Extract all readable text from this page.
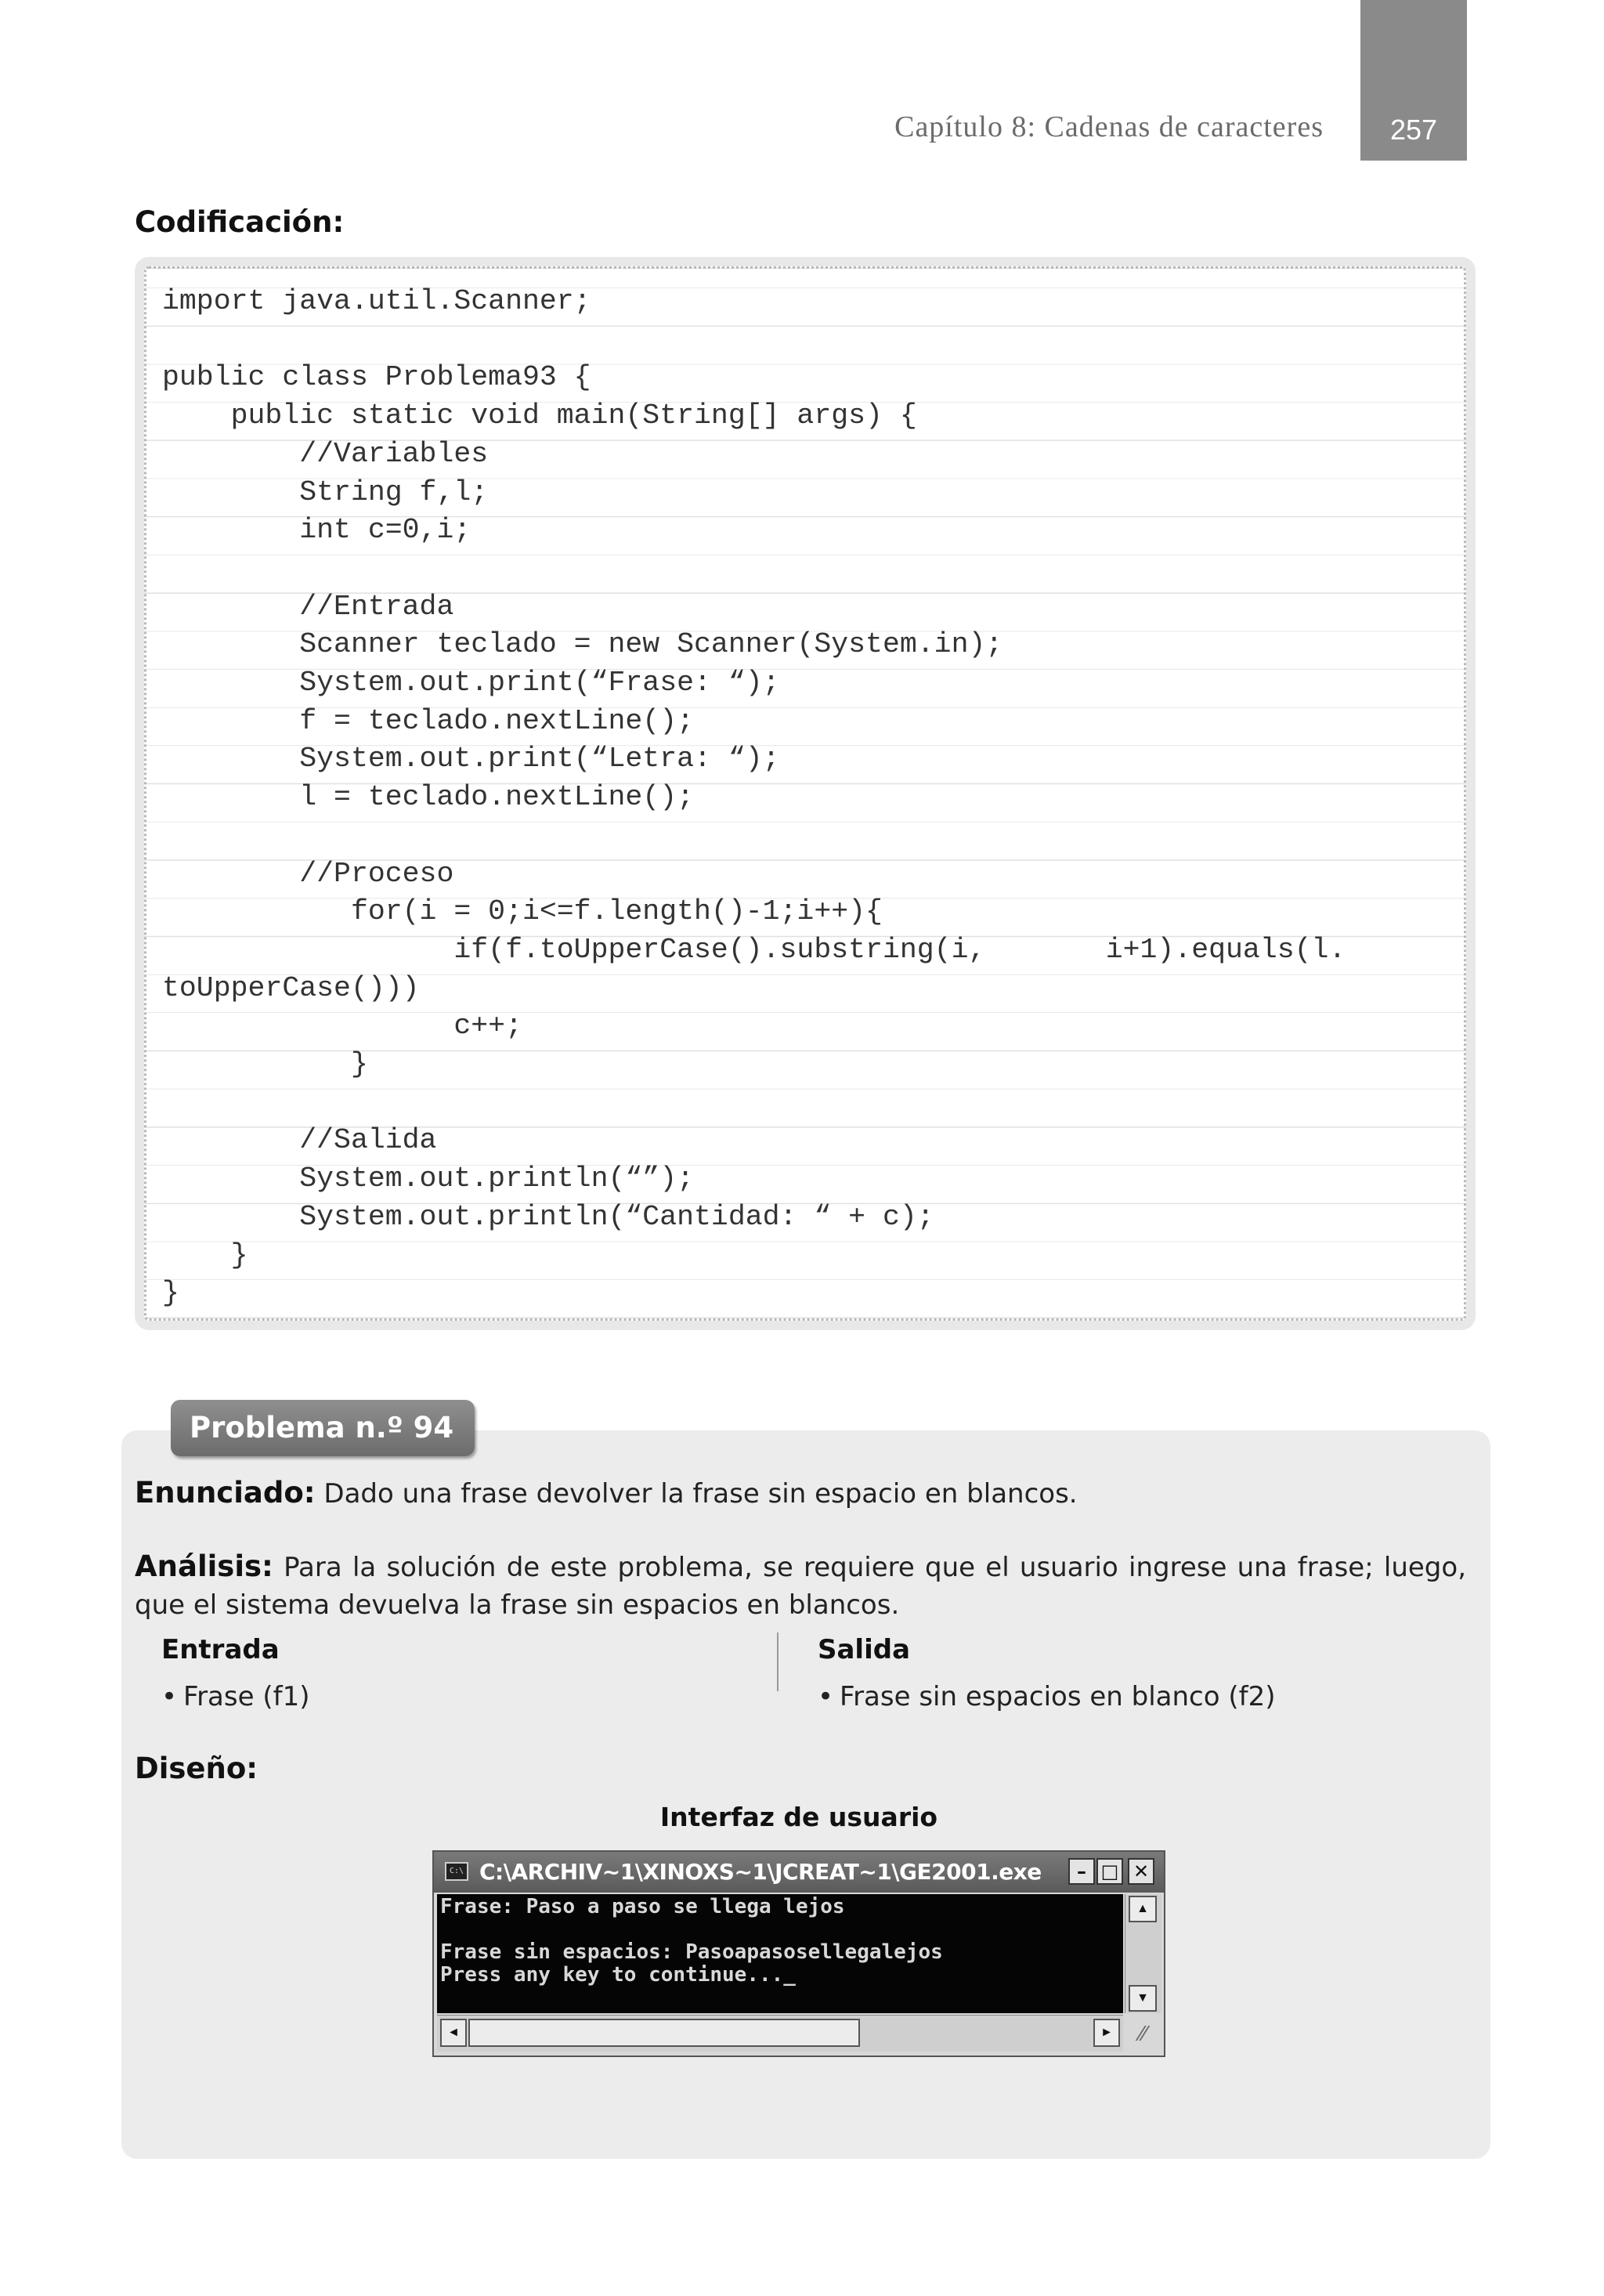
Capítulo 8: Cadenas de caracteres	257
Codificación:
import java.util.Scanner;

public class Problema93 {
public static void main(String[] args) {
//Variables
String f,l;
int c=0,i;

//Entrada
Scanner teclado = new Scanner(System.in);
System.out.print(“Frase: “);
f = teclado.nextLine();
System.out.print(“Letra: “);
l = teclado.nextLine();

//Proceso
for(i = 0;i<=f.length()-1;i++){
if(f.toUpperCase().substring(i,       i+1).equals(l.
toUpperCase()))
c++;
}

//Salida
System.out.println(“”);
System.out.println(“Cantidad: “ + c);
}
}
Problema n.º 94
Enunciado: Dado una frase devolver la frase sin espacio en blancos.
Análisis: Para la solución de este problema, se requiere que el usuario ingrese una frase; luego, que el sistema devuelva la frase sin espacios en blancos.
Entrada	Salida
• Frase (f1)	• Frase sin espacios en blanco (f2)
Diseño:
Interfaz de usuario
C:\ C:\ARCHIV~1\XINOXS~1\JCREAT~1\GE2001.exe	– □ ✕
Frase: Paso a paso se llega lejos

Frase sin espacios: Pasoapasosellegalejos
Press any key to continue..._
▲
▼
◄	►	⁄⁄
